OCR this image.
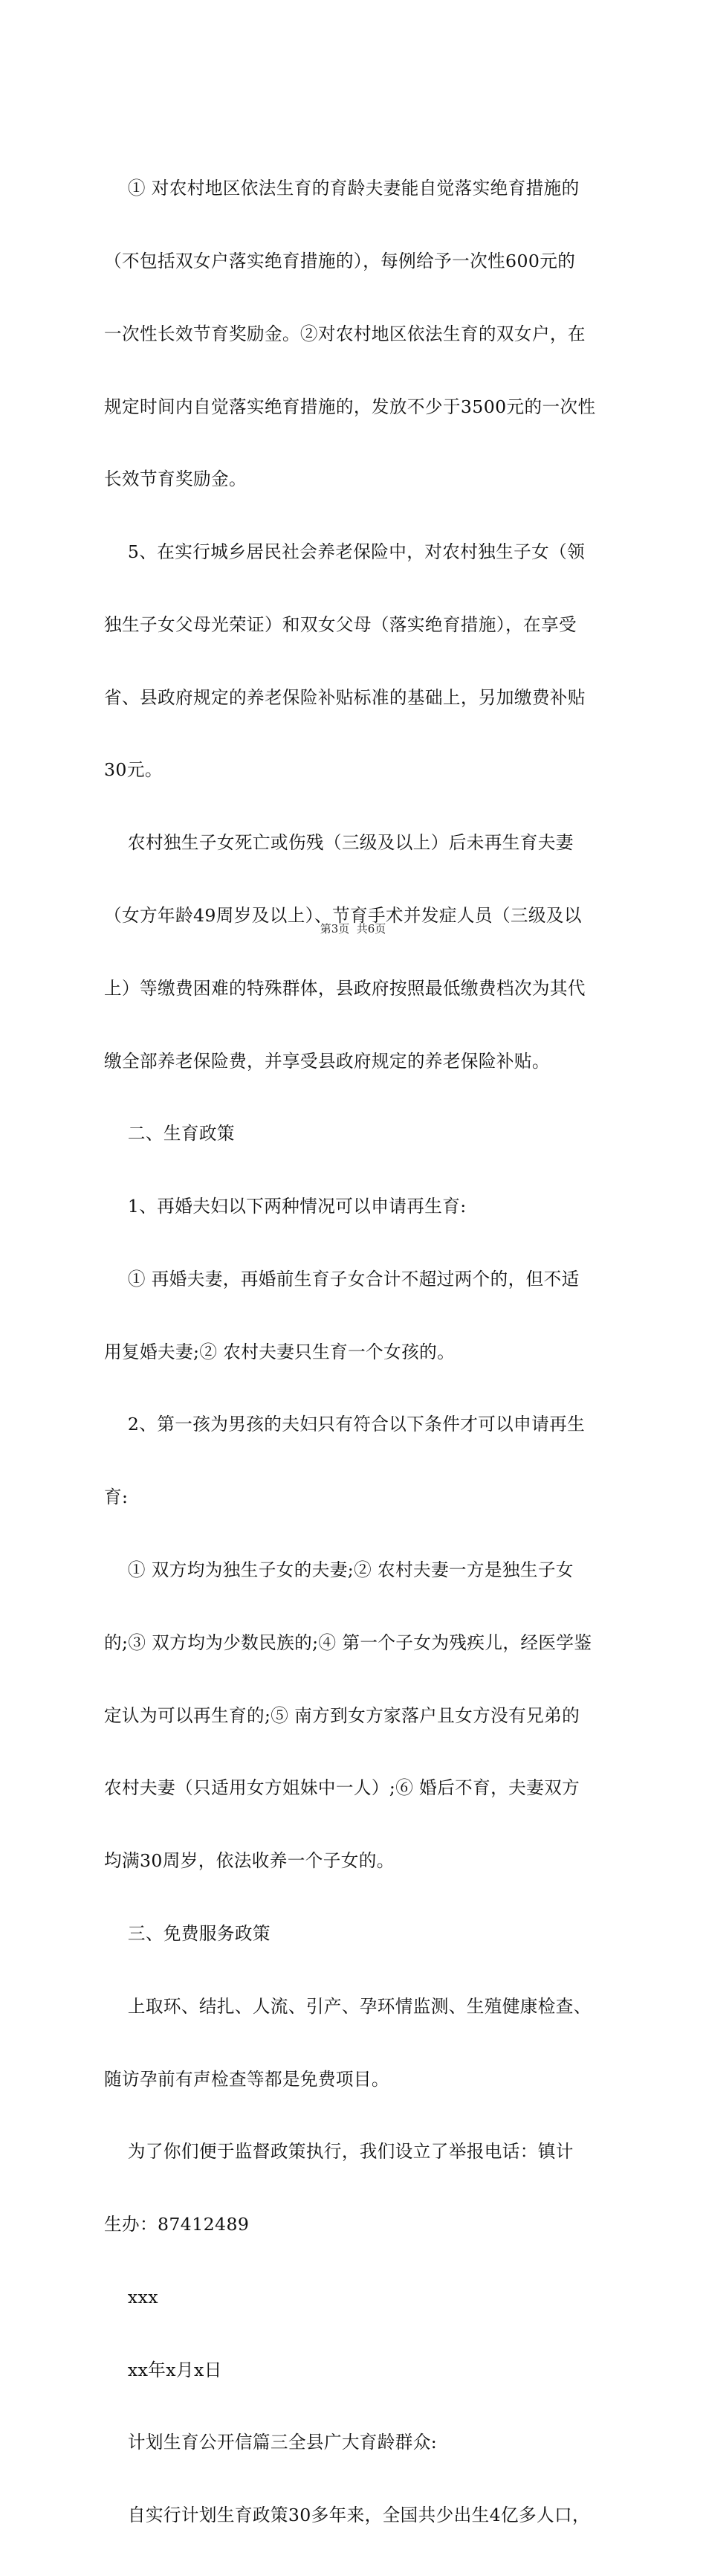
　 ① 对农村地区依法生育的育龄夫妻能自觉落实绝育措施的

（不包括双女户落实绝育措施的），每例给予一次性600元的

一次性长效节育奖励金。②对农村地区依法生育的双女户，在

规定时间内自觉落实绝育措施的，发放不少于3500元的一次性

长效节育奖励金。

　 5、在实行城乡居民社会养老保险中，对农村独生子女（领

独生子女父母光荣证）和双女父母（落实绝育措施），在享受

省、县政府规定的养老保险补贴标准的基础上，另加缴费补贴

30元。

　 农村独生子女死亡或伤残（三级及以上）后未再生育夫妻

（女方年龄49周岁及以上）、节育手术并发症人员（三级及以

上）等缴费困难的特殊群体，县政府按照最低缴费档次为其代

缴全部养老保险费，并享受县政府规定的养老保险补贴。

　 二、生育政策

　 1、再婚夫妇以下两种情况可以申请再生育:

　 ① 再婚夫妻，再婚前生育子女合计不超过两个的，但不适

用复婚夫妻;② 农村夫妻只生育一个女孩的。

　 2、第一孩为男孩的夫妇只有符合以下条件才可以申请再生

育:

　 ① 双方均为独生子女的夫妻;② 农村夫妻一方是独生子女

的;③ 双方均为少数民族的;④ 第一个子女为残疾儿，经医学鉴

定认为可以再生育的;⑤ 南方到女方家落户且女方没有兄弟的

农村夫妻（只适用女方姐妹中一人）;⑥ 婚后不育，夫妻双方

均满30周岁，依法收养一个子女的。

　 三、免费服务政策

　 上取环、结扎、人流、引产、孕环情监测、生殖健康检查、

随访孕前有声检查等都是免费项目。

　 为了你们便于监督政策执行，我们设立了举报电话：镇计

生办：87412489

　 xxx

　 xx年x月x日

　 计划生育公开信篇三全县广大育龄群众:

　 自实行计划生育政策30多年来，全国共少出生4亿多人口，

第3页  共6页
